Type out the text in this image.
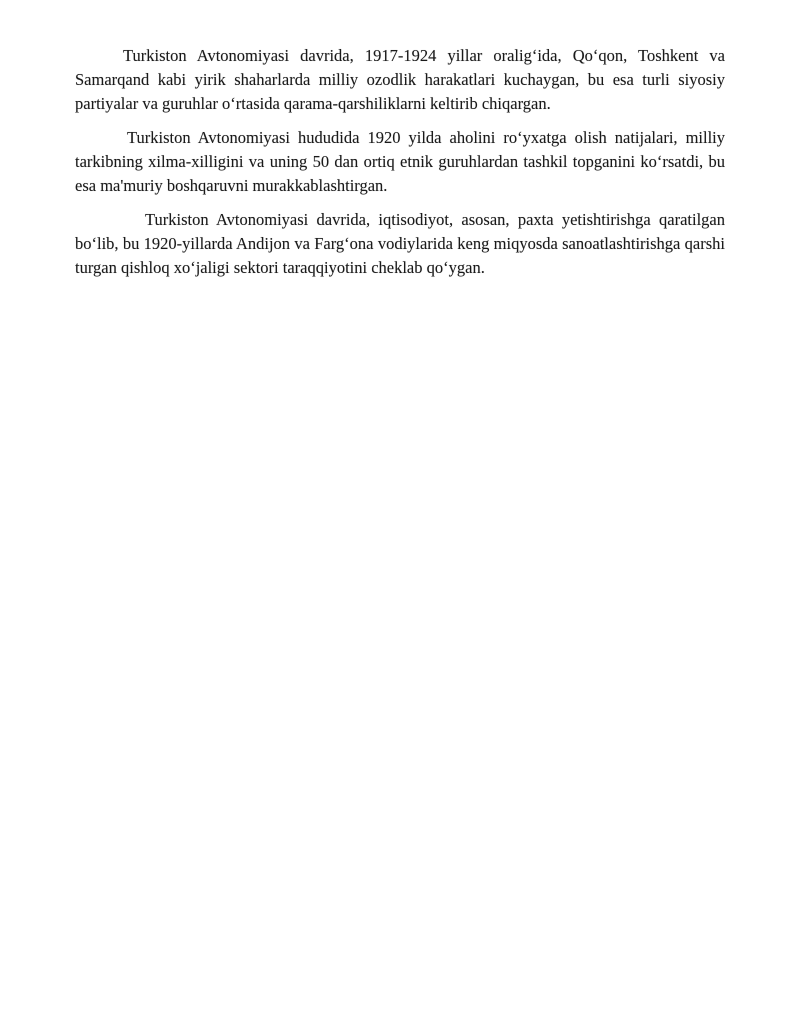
Turkiston Avtonomiyasi davrida, 1917-1924 yillar oralig‘ida, Qo‘qon, Toshkent va Samarqand kabi yirik shaharlarda milliy ozodlik harakatlari kuchaygan, bu esa turli siyosiy partiyalar va guruhlar o‘rtasida qarama-qarshiliklarni keltirib chiqargan.

Turkiston Avtonomiyasi hududida 1920 yilda aholini ro‘yxatga olish natijalari, milliy tarkibning xilma-xilligini va uning 50 dan ortiq etnik guruhlardan tashkil topganini ko‘rsatdi, bu esa ma'muriy boshqaruvni murakkablashtirgan.

Turkiston Avtonomiyasi davrida, iqtisodiyot, asosan, paxta yetishtirishga qaratilgan bo‘lib, bu 1920-yillarda Andijon va Farg‘ona vodiylarida keng miqyosda sanoatlashtirishga qarshi turgan qishloq xo‘jaligi sektori taraqqiyotini cheklab qo‘ygan.
